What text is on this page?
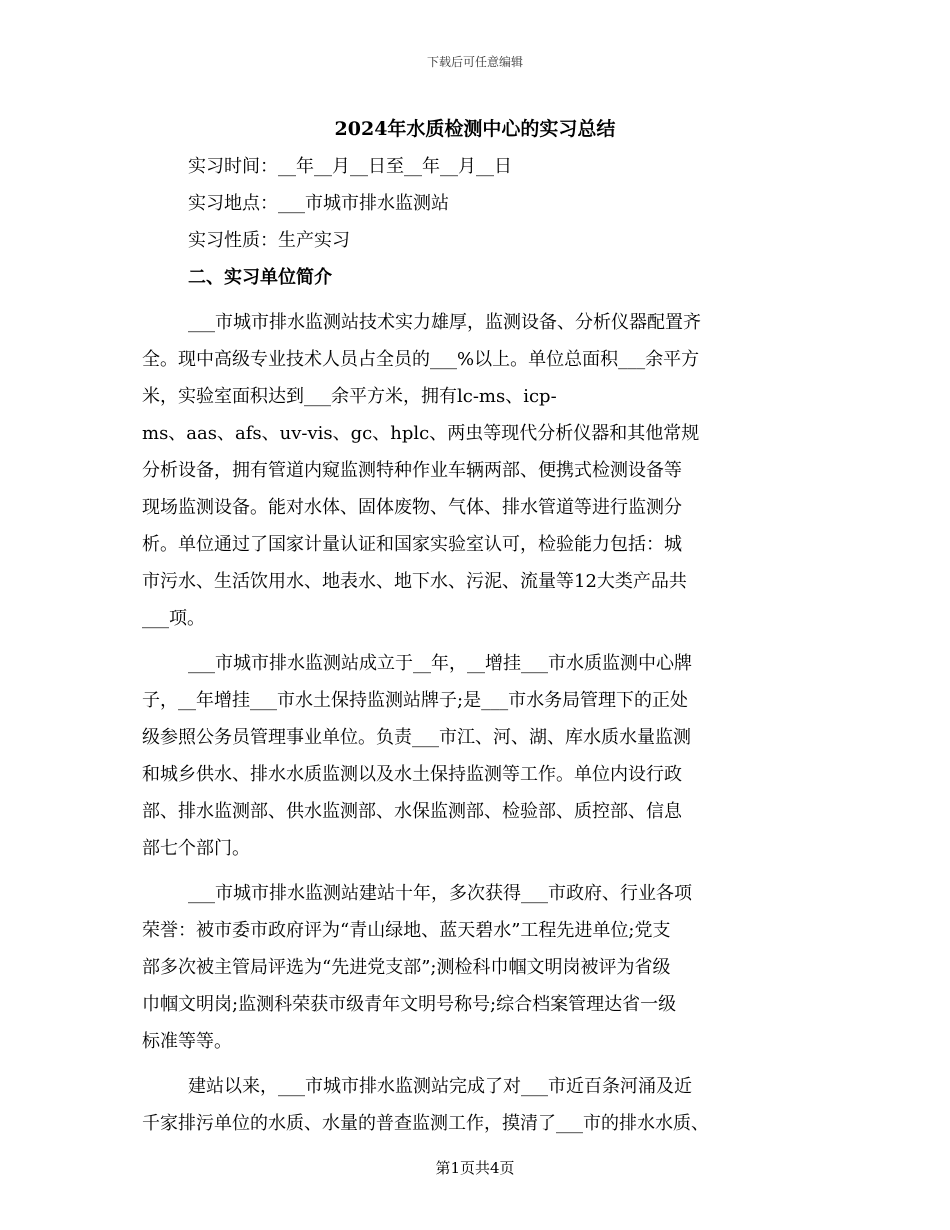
下载后可任意编辑
2024年水质检测中心的实习总结
实习时间：__年__月__日至__年__月__日
实习地点：___市城市排水监测站
实习性质：生产实习
二、实习单位简介

___市城市排水监测站技术实力雄厚，监测设备、分析仪器配置齐
全。现中高级专业技术人员占全员的___%以上。单位总面积___余平方
米，实验室面积达到___余平方米，拥有lc-ms、icp-
ms、aas、afs、uv-vis、gc、hplc、两虫等现代分析仪器和其他常规
分析设备，拥有管道内窥监测特种作业车辆两部、便携式检测设备等
现场监测设备。能对水体、固体废物、气体、排水管道等进行监测分
析。单位通过了国家计量认证和国家实验室认可，检验能力包括：城
市污水、生活饮用水、地表水、地下水、污泥、流量等12大类产品共
___项。

___市城市排水监测站成立于__年，__增挂___市水质监测中心牌
子，__年增挂___市水土保持监测站牌子;是___市水务局管理下的正处
级参照公务员管理事业单位。负责___市江、河、湖、库水质水量监测
和城乡供水、排水水质监测以及水土保持监测等工作。单位内设行政
部、排水监测部、供水监测部、水保监测部、检验部、质控部、信息
部七个部门。

___市城市排水监测站建站十年，多次获得___市政府、行业各项
荣誉：被市委市政府评为“青山绿地、蓝天碧水”工程先进单位;党支
部多次被主管局评选为“先进党支部”;测检科巾帼文明岗被评为省级
巾帼文明岗;监测科荣获市级青年文明号称号;综合档案管理达省一级
标准等等。

建站以来，___市城市排水监测站完成了对___市近百条河涌及近
千家排污单位的水质、水量的普查监测工作，摸清了___市的排水水质、

第1页共4页
